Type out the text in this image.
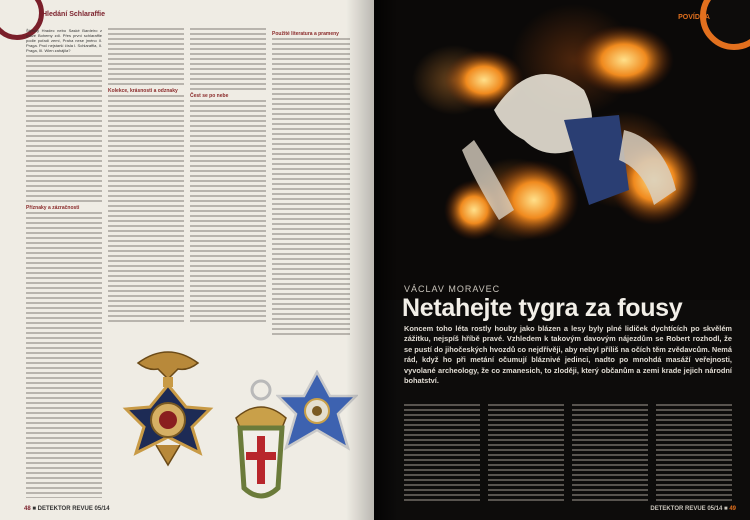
Hledání Schlaraffie

Štýrský Hradec nebo Saské Bardeiro z pravé Bohemy zdi. Přes první schlaraffie podle pořadí zemí, Praha nese jméno II. Praga. Proč nejstarší čísla I. Schlaraffia, II. Praga, III. Wien zahájila?

Příznaky a zázračnosti
Kolekce, krásnosti a odznaky
Čest se po nebe
Použité literatura a prameny
48 ■ DETEKTOR REVUE 05/14
POVÍDKA
VÁCLAV MORAVEC
Netahejte tygra za fousy

Koncem toho léta rostly houby jako blázen a lesy byly plné lidiček dychtících po skvělém zážitku, nejspíš hříbě pravé. Vzhledem k takovým davovým nájezdům se Robert rozhodl, že se pustí do jihočeských hvozdů co nejdřívěji, aby nebyl příliš na očích těm zvědavcům. Nemá rád, když ho při metání očumují bláznivé jedinci, nadto po mnohdá masáží veřejnosti, vyvolané archeology, že co zmanesich, to zloději, který občanům a zemi krade jejich národní bohatství.

DETEKTOR REVUE 05/14 ■ 49
